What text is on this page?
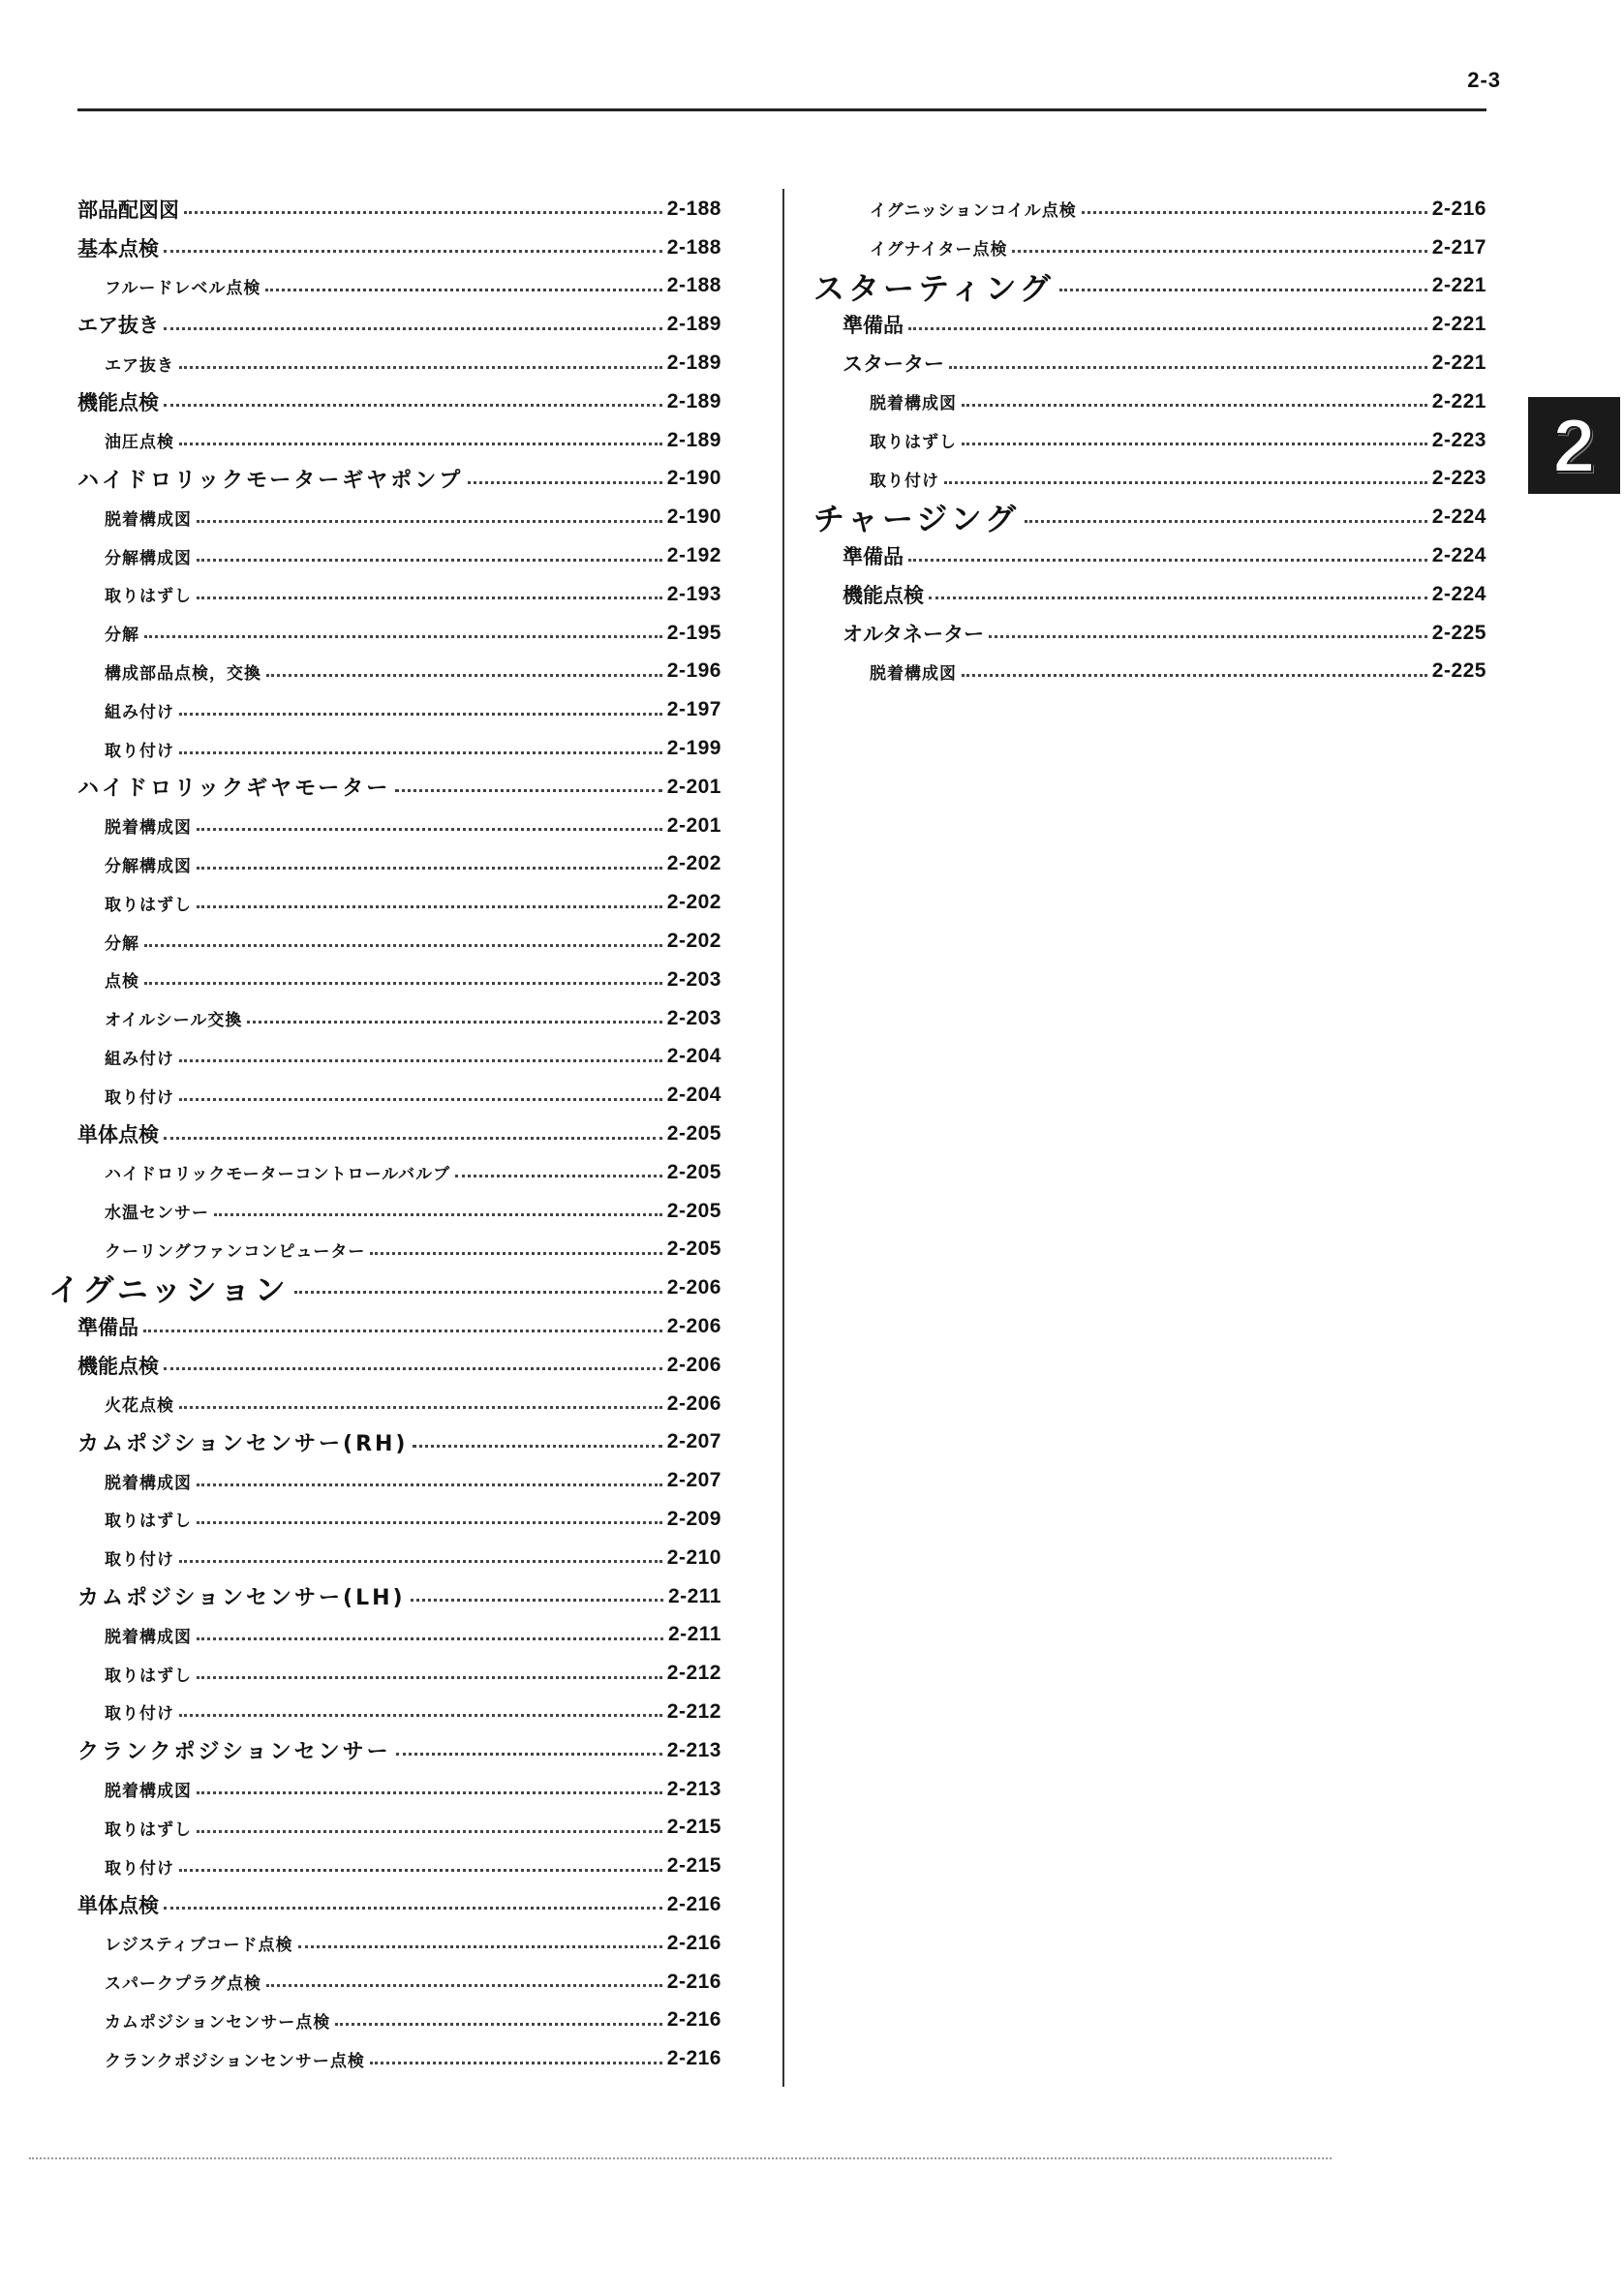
2-3
部品配図図	2-188
基本点検	2-188
フルードレベル点検	2-188
エア抜き	2-189
エア抜き	2-189
機能点検	2-189
油圧点検	2-189
ハイドロリックモーターギヤポンプ	2-190
脱着構成図	2-190
分解構成図	2-192
取りはずし	2-193
分解	2-195
構成部品点検，交換	2-196
組み付け	2-197
取り付け	2-199
ハイドロリックギヤモーター	2-201
脱着構成図	2-201
分解構成図	2-202
取りはずし	2-202
分解	2-202
点検	2-203
オイルシール交換	2-203
組み付け	2-204
取り付け	2-204
単体点検	2-205
ハイドロリックモーターコントロールバルブ	2-205
水温センサー	2-205
クーリングファンコンピューター	2-205
イグニッション	2-206
準備品	2-206
機能点検	2-206
火花点検	2-206
カムポジションセンサー(RH)	2-207
脱着構成図	2-207
取りはずし	2-209
取り付け	2-210
カムポジションセンサー(LH)	2-211
脱着構成図	2-211
取りはずし	2-212
取り付け	2-212
クランクポジションセンサー	2-213
脱着構成図	2-213
取りはずし	2-215
取り付け	2-215
単体点検	2-216
レジスティブコード点検	2-216
スパークプラグ点検	2-216
カムポジションセンサー点検	2-216
クランクポジションセンサー点検	2-216
イグニッションコイル点検	2-216
イグナイター点検	2-217
スターティング	2-221
準備品	2-221
スターター	2-221
脱着構成図	2-221
取りはずし	2-223
取り付け	2-223
チャージング	2-224
準備品	2-224
機能点検	2-224
オルタネーター	2-225
脱着構成図	2-225
2
